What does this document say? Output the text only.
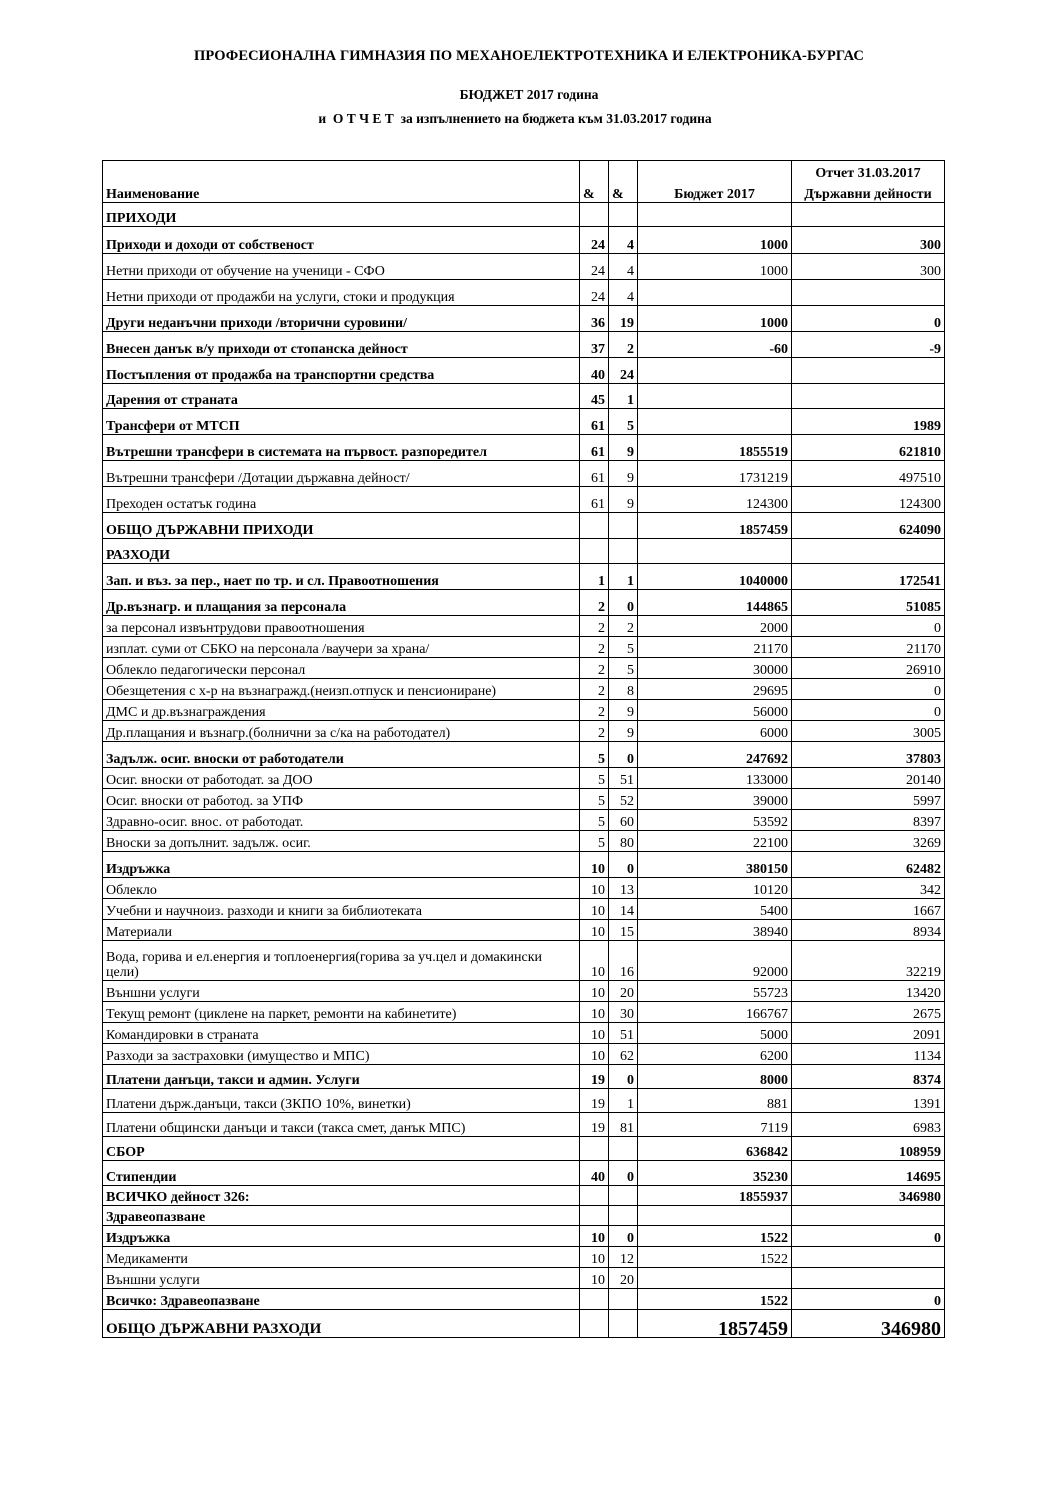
ПРОФЕСИОНАЛНА ГИМНАЗИЯ ПО МЕХАНОЕЛЕКТРОТЕХНИКА И ЕЛЕКТРОНИКА-БУРГАС
БЮДЖЕТ 2017 година
и  О Т Ч Е Т  за изпълнението на бюджета към 31.03.2017 година
Наименование	&	&	Бюджет 2017	Отчет 31.03.2017
Държавни дейности

ПРИХОДИ				
Приходи и доходи от собственост	24	4	1000	300
Нетни приходи от обучение на ученици - СФО	24	4	1000	300
Нетни приходи от продажби на услуги, стоки и продукция	24	4		
Други неданъчни приходи /вторични суровини/	36	19	1000	0
Внесен данък в/у приходи от стопанска дейност	37	2	-60	-9
Постъпления от продажба на транспортни средства	40	24		
Дарения от страната	45	1		
Трансфери от МТСП	61	5		1989
Вътрешни трансфери в системата на първост. разпоредител	61	9	1855519	621810
Вътрешни трансфери /Дотации държавна дейност/	61	9	1731219	497510
Преходен остатък година	61	9	124300	124300
ОБЩО ДЪРЖАВНИ ПРИХОДИ			1857459	624090
РАЗХОДИ				
Зап. и въз. за пер., нает по тр. и сл. Правоотношения	1	1	1040000	172541
Др.възнагр. и плащания за персонала	2	0	144865	51085
за персонал извънтрудови правоотношения	2	2	2000	0
изплат. суми от СБКО на персонала /ваучери за храна/	2	5	21170	21170
Облекло педагогически персонал	2	5	30000	26910
Обезщетения с х-р на възнагражд.(неизп.отпуск и пенсиониране)	2	8	29695	0
ДМС и др.възнаграждения	2	9	56000	0
Др.плащания и възнагр.(болнични за с/ка на работодател)	2	9	6000	3005
Задълж. осиг. вноски от работодатели	5	0	247692	37803
Осиг. вноски от работодат. за ДОО	5	51	133000	20140
Осиг. вноски от работод. за УПФ	5	52	39000	5997
Здравно-осиг. внос. от работодат.	5	60	53592	8397
Вноски за допълнит. задълж. осиг.	5	80	22100	3269
Издръжка	10	0	380150	62482
Облекло	10	13	10120	342
Учебни и научноиз. разходи и книги за библиотеката	10	14	5400	1667
Материали	10	15	38940	8934
Вода, горива и ел.енергия и топлоенергия(горива за уч.цел и домакински цели)	10	16	92000	32219
Външни услуги	10	20	55723	13420
Текущ ремонт (циклене на паркет, ремонти на кабинетите)	10	30	166767	2675
Командировки в страната	10	51	5000	2091
Разходи за застраховки (имущество и МПС)	10	62	6200	1134
Платени данъци, такси и админ. Услуги	19	0	8000	8374
Платени държ.данъци, такси (ЗКПО 10%, винетки)	19	1	881	1391
Платени общински данъци и такси (такса смет, данък МПС)	19	81	7119	6983
СБОР			636842	108959
Стипендии	40	0	35230	14695
ВСИЧКО дейност 326:			1855937	346980
Здравеопазване				
Издръжка	10	0	1522	0
Медикаменти	10	12	1522	
Външни услуги	10	20		
Всичко: Здравеопазване			1522	0
ОБЩО ДЪРЖАВНИ РАЗХОДИ			1857459	346980
